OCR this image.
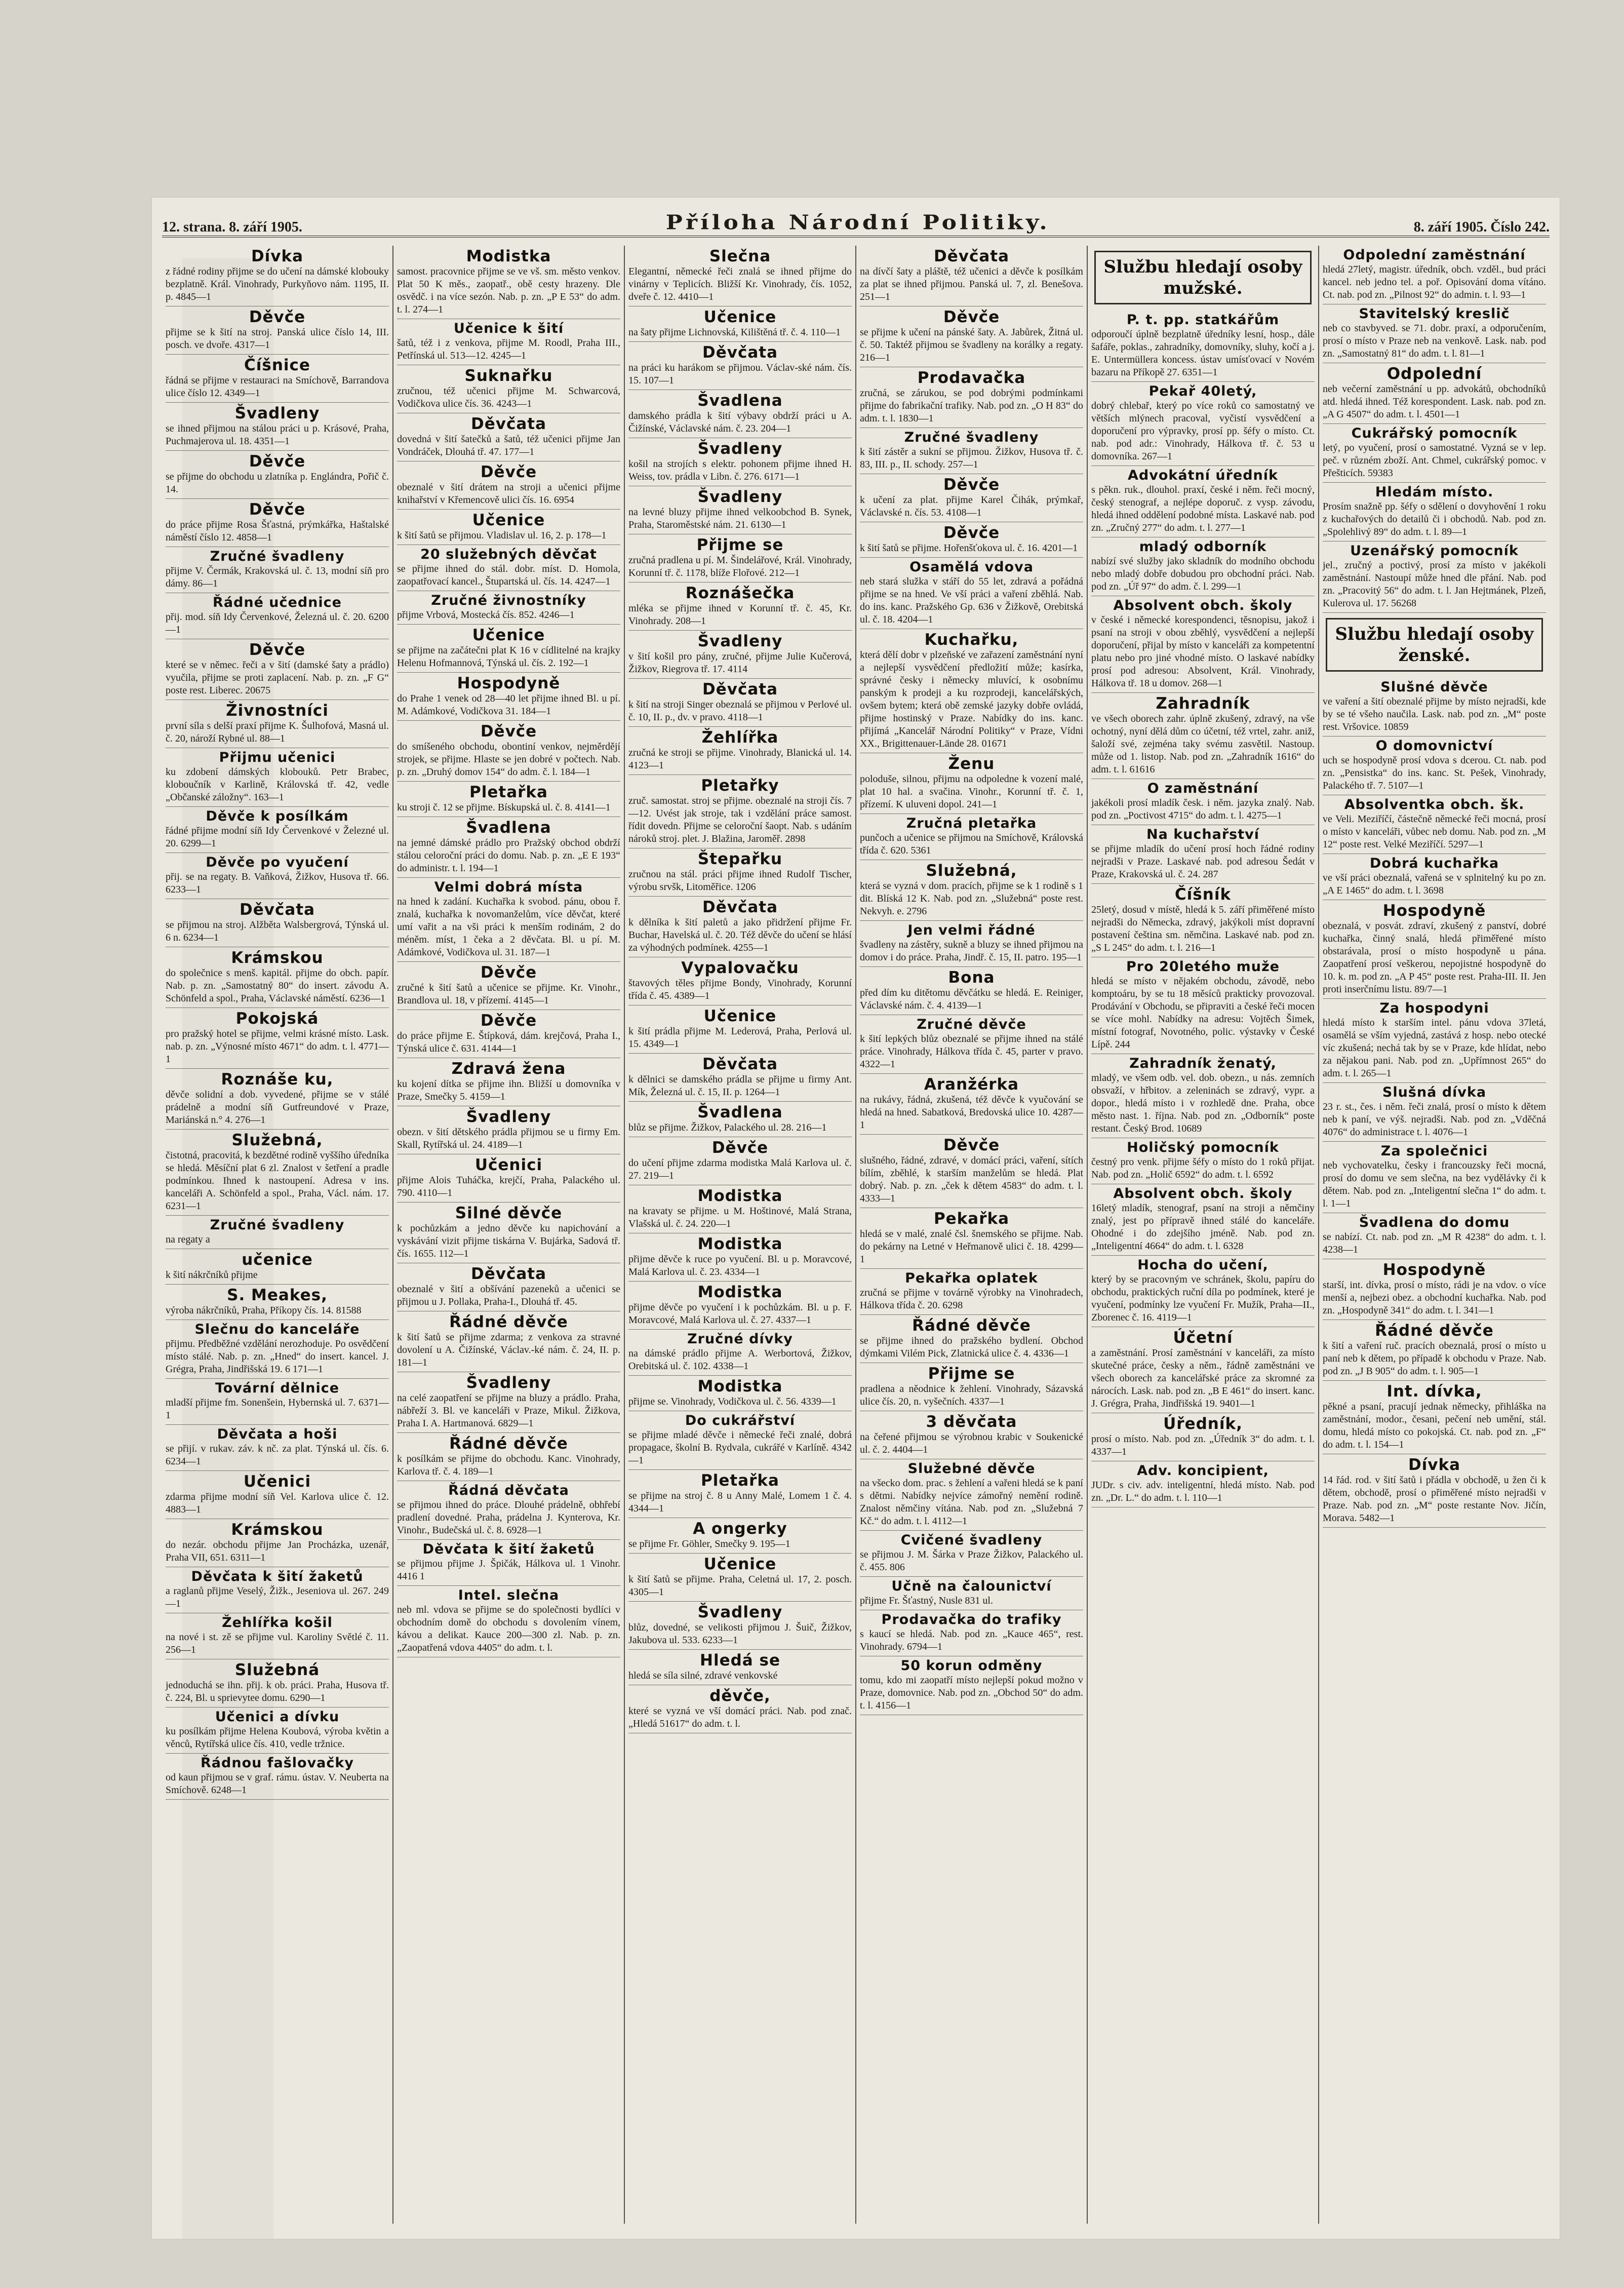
12. strana. 8. září 1905.	Příloha Národní Politiky.	8. září 1905. Číslo 242.
Dívka
z řádné rodiny přijme se do učení na dámské klobouky bezplatně. Král. Vinohrady, Purkyňovo nám. 1195, II. p. 4845—1
Děvče
přijme se k šití na stroj. Panská ulice číslo 14, III. posch. ve dvoře. 4317—1
Číšnice
řádná se přijme v restauraci na Smíchově, Barrandova ulice číslo 12. 4349—1
Švadleny
se ihned přijmou na stálou práci u p. Krásové, Praha, Puchmajerova ul. 18. 4351—1
Děvče
se přijme do obchodu u zlatníka p. Englándra, Pořič č. 14.
Děvče
do práce přijme Rosa Šťastná, prýmkářka, Haštalské náměstí číslo 12. 4858—1
Zručné švadleny
přijme V. Čermák, Krakovská ul. č. 13, modní síň pro dámy. 86—1
Řádné učednice
přij. mod. síň Idy Červenkové, Železná ul. č. 20. 6200—1
Děvče
které se v němec. řeči a v šití (damské šaty a prádlo) vyučila, přijme se proti zaplacení. Nab. p. zn. „F G“ poste rest. Liberec. 20675
Živnostníci
první síla s delší praxí přijme K. Šulhofová, Masná ul. č. 20, nároží Rybné ul. 88—1
Přijmu učenici
ku zdobení dámských klobouků. Petr Brabec, kloboučník v Karlině, Královská tř. 42, vedle „Občanské záložny“. 163—1
Děvče k posílkám
řádné přijme modní síň Idy Červenkové v Železné ul. 20. 6299—1
Děvče po vyučení
přij. se na regaty. B. Vaňková, Žižkov, Husova tř. 66. 6233—1
Děvčata
se přijmou na stroj. Alžběta Walsbergrová, Týnská ul. 6 n. 6234—1
Krámskou
do společnice s menš. kapitál. přijme do obch. papír. Nab. p. zn. „Samostatný 80“ do insert. závodu A. Schönfeld a spol., Praha, Václavské náměstí. 6236—1
Pokojská
pro pražský hotel se přijme, velmi krásné místo. Lask. nab. p. zn. „Výnosné místo 4671“ do adm. t. l. 4771—1
Roznáše ku,
děvče solidní a dob. vyvedené, přijme se v stálé prádelně a modní síň Gutfreundové v Praze, Mariánská n.° 4. 276—1
Služebná,
čistotná, pracovitá, k bezdětné rodině vyššího úředníka se hledá. Měsíční plat 6 zl. Znalost v šetření a pradle podmínkou. Ihned k nastoupení. Adresa v ins. kanceláři A. Schönfeld a spol., Praha, Václ. nám. 17. 6231—1
Zručné švadleny
na regaty a
učenice
k šití nákrčníků přijme
S. Meakes,
výroba nákrčníků, Praha, Příkopy čís. 14. 81588
Slečnu do kanceláře
přijmu. Předběžné vzdělání nerozhoduje. Po osvědčení místo stálé. Nab. p. zn. „Hned“ do insert. kancel. J. Grégra, Praha, Jindřišská 19. 6 171—1
Tovární dělnice
mladší přijme fm. Sonenšein, Hybernská ul. 7. 6371—1
Děvčata a hoši
se přijí. v rukav. záv. k nč. za plat. Týnská ul. čís. 6. 6234—1
Učenici
zdarma přijme modní síň Vel. Karlova ulice č. 12. 4883—1
Krámskou
do nezár. obchodu přijme Jan Procházka, uzenář, Praha VII, 651. 6311—1
Děvčata k šití žaketů
a raglanů přijme Veselý, Žižk., Jeseniova ul. 267. 249—1
Žehlířka košil
na nové i st. zě se přijme vul. Karoliny Světlé č. 11. 256—1
Služebná
jednoduchá se ihn. přij. k ob. práci. Praha, Husova tř. č. 224, Bl. u sprievytee domu. 6290—1
Učenici a dívku
ku posílkám přijme Helena Koubová, výroba květin a věnců, Rytířská ulice čís. 410, vedle tržnice.
Řádnou fašlovačky
od kaun přijmou se v graf. rámu. ústav. V. Neuberta na Smíchově. 6248—1
Modistka
samost. pracovnice přijme se ve vš. sm. město venkov. Plat 50 K měs., zaopatř., obě cesty hrazeny. Dle osvědč. i na více sezón. Nab. p. zn. „P E 53“ do adm. t. l. 274—1
Učenice k šití
šatů, též i z venkova, přijme M. Roodl, Praha III., Petřínská ul. 513—12. 4245—1
Suknařku
zručnou, též učenici přijme M. Schwarcová, Vodičkova ulice čís. 36. 4243—1
Děvčata
dovedná v šití šatečků a šatů, též učenici přijme Jan Vondráček, Dlouhá tř. 47. 177—1
Děvče
obeznalé v šití drátem na stroji a učenici přijme knihařství v Křemencově ulici čís. 16. 6954
Učenice
k šití šatů se přijmou. Vladislav ul. 16, 2. p. 178—1
20 služebných děvčat
se přijme ihned do stál. dobr. míst. D. Homola, zaopatřovací kancel., Štupartská ul. čís. 14. 4247—1
Zručné živnostníky
přijme Vrbová, Mostecká čís. 852. 4246—1
Učenice
se přijme na začátečni plat K 16 v cídlitelné na krajky Helenu Hofmannová, Týnská ul. čís. 2. 192—1
Hospodyně
do Prahe 1 venek od 28—40 let přijme ihned Bl. u pí. M. Adámkové, Vodičkova 31. 184—1
Děvče
do smíšeného obchodu, obontiní venkov, nejměrdějí strojek, se přijme. Hlaste se jen dobré v počtech. Nab. p. zn. „Druhý domov 154“ do adm. č. l. 184—1
Pletařka
ku stroji č. 12 se přijme. Bískupská ul. č. 8. 4141—1
Švadlena
na jemné dámské prádlo pro Pražský obchod obdrží stálou celoroční práci do domu. Nab. p. zn. „E E 193“ do administr. t. l. 194—1
Velmi dobrá místa
na hned k zadání. Kuchařka k svobod. pánu, obou ř. znalá, kuchařka k novomanželům, více děvčat, které umí vařit a na vši práci k menším rodinám, 2 do méněm. míst, 1 čeka a 2 děvčata. Bl. u pí. M. Adámkové, Vodičkova ul. 31. 187—1
Děvče
zručné k šití šatů a učenice se přijme. Kr. Vinohr., Brandlova ul. 18, v přízemí. 4145—1
Děvče
do práce přijme E. Štípková, dám. krejčová, Praha I., Týnská ulice č. 631. 4144—1
Zdravá žena
ku kojení dítka se přijme ihn. Bližší u domovníka v Praze, Smečky 5. 4159—1
Švadleny
obezn. v šití dětského prádla přijmou se u firmy Em. Skall, Rytířská ul. 24. 4189—1
Učenici
přijme Alois Tuháčka, krejčí, Praha, Palackého ul. 790. 4110—1
Silné děvče
k pochůzkám a jedno děvče ku napichování a vyskávání vizit přijme tiskárna V. Bujárka, Sadová tř. čís. 1655. 112—1
Děvčata
obeznalé v šití a obšívání pazeneků a učenici se přijmou u J. Pollaka, Praha-I., Dlouhá tř. 45.
Řádné děvče
k šití šatů se přijme zdarma; z venkova za stravné dovolení u A. Čižínské, Václav.-ké nám. č. 24, II. p. 181—1
Švadleny
na celé zaopatření se přijme na bluzy a prádlo. Praha, nábřeží 3. Bl. ve kanceláři v Praze, Mikul. Žižkova, Praha I. A. Hartmanová. 6829—1
Řádné děvče
k posílkám se přijme do obchodu. Kanc. Vinohrady, Karlova tř. č. 4. 189—1
Řádná děvčata
se přijmou ihned do práce. Dlouhé prádelně, obhřebí pradlení dovedné. Praha, prádelna J. Kynterova, Kr. Vinohr., Budečská ul. č. 8. 6928—1
Děvčata k šití žaketů
se přijmou přijme J. Špičák, Hálkova ul. 1 Vinohr. 4416 1
Intel. slečna
neb ml. vdova se přijme se do společnosti bydlíci v obchodním domě do obchodu s dovolením vínem, kávou a delikat. Kauce 200—300 zl. Nab. p. zn. „Zaopatřená vdova 4405“ do adm. t. l.
Slečna
Elegantní, německé řeči znalá se ihned přijme do vinárny v Teplicích. Bližší Kr. Vinohrady, čís. 1052, dveře č. 12. 4410—1
Učenice
na šaty přijme Lichnovská, Kilištěná tř. č. 4. 110—1
Děvčata
na práci ku harákom se přijmou. Václav-ské nám. čís. 15. 107—1
Švadlena
damského prádla k šití výbavy obdrží práci u A. Čižínské, Václavské nám. č. 23. 204—1
Švadleny
košil na strojích s elektr. pohonem přijme ihned H. Weiss, tov. prádla v Libn. č. 276. 6171—1
Švadleny
na levné bluzy přijme ihned velkoobchod B. Synek, Praha, Staroměstské nám. 21. 6130—1
Přijme se
zručná pradlena u pí. M. Šindelářové, Král. Vinohrady, Korunní tř. č. 1178, blíže Flořové. 212—1
Roznášečka
mléka se přijme ihned v Korunní tř. č. 45, Kr. Vinohrady. 208—1
Švadleny
v šití košil pro pány, zručné, přijme Julie Kučerová, Žižkov, Riegrova tř. 17. 4114
Děvčata
k šití na stroji Singer obeznalá se přijmou v Perlové ul. č. 10, II. p., dv. v pravo. 4118—1
Žehlířka
zručná ke stroji se přijme. Vinohrady, Blanická ul. 14. 4123—1
Pletařky
zruč. samostat. stroj se přijme. obeznalé na stroji čís. 7—12. Uvést jak stroje, tak i vzdělání práce samost. řídit dovedn. Přijme se celoroční šaopt. Nab. s udáním nároků stroj. plet. J. Blažina, Jaroměř. 2898
Štepařku
zručnou na stál. práci přijme ihned Rudolf Tischer, výrobu srvšk, Litoměřice. 1206
Děvčata
k dělníka k šití paletů a jako přidržení přijme Fr. Buchar, Havelská ul. č. 20. Též děvče do učení se hlásí za výhodných podmínek. 4255—1
Vypalovačku
štavových těles přijme Bondy, Vinohrady, Korunní třída č. 45. 4389—1
Učenice
k šití prádla přijme M. Lederová, Praha, Perlová ul. 15. 4349—1
Děvčata
k dělnici se damského prádla se přijme u firmy Ant. Mík, Železná ul. č. 15, II. p. 1264—1
Švadlena
blůz se přijme. Žižkov, Palackého ul. 28. 216—1
Děvče
do učení přijme zdarma modistka Malá Karlova ul. č. 27. 219—1
Modistka
na kravaty se přijme. u M. Hoštinové, Malá Strana, Vlašská ul. č. 24. 220—1
Modistka
přijme děvče k ruce po vyučení. Bl. u p. Moravcové, Malá Karlova ul. č. 23. 4334—1
Modistka
přijme děvče po vyučení i k pochůzkám. Bl. u p. F. Moravcové, Malá Karlova ul. č. 27. 4337—1
Zručné dívky
na dámské prádlo přijme A. Werbortová, Žižkov, Orebitská ul. č. 102. 4338—1
Modistka
přijme se. Vinohrady, Vodičkova ul. č. 56. 4339—1
Do cukrářství
se přijme mladé děvče i německé řeči znalé, dobrá propagace, školní B. Rydvala, cukrářé v Karlíně. 4342—1
Pletařka
se přijme na stroj č. 8 u Anny Malé, Lomem 1 č. 4. 4344—1
A ongerky
se přijme Fr. Göhler, Smečky 9. 195—1
Učenice
k šití šatů se přijme. Praha, Celetná ul. 17, 2. posch. 4305—1
Švadleny
blůz, dovedné, se velikosti přijmou J. Šuič, Žižkov, Jakubova ul. 533. 6233—1
Hledá se
hledá se síla silné, zdravé venkovské
děvče,
které se vyzná ve vší domácí práci. Nab. pod znač. „Hledá 51617“ do adm. t. l.
Děvčata
na dívčí šaty a pláště, též učenici a děvče k posílkám za plat se ihned přijmou. Panská ul. 7, zl. Benešova. 251—1
Děvče
se přijme k učení na pánské šaty. A. Jabůrek, Žitná ul. č. 50. Taktéž přijmou se švadleny na korálky a regaty. 216—1
Prodavačka
zručná, se zárukou, se pod dobrými podmínkami přijme do fabrikační trafiky. Nab. pod zn. „O H 83“ do adm. t. l. 1830—1
Zručné švadleny
k šití zástěr a sukní se přijmou. Žižkov, Husova tř. č. 83, III. p., II. schody. 257—1
Děvče
k učení za plat. přijme Karel Čihák, prýmkař, Václavské n. čís. 53. 4108—1
Děvče
k šití šatů se přijme. Hořenšťokova ul. č. 16. 4201—1
Osamělá vdova
neb stará služka v stáří do 55 let, zdravá a pořádná přijme se na hned. Ve vší práci a vaření zběhlá. Nab. do ins. kanc. Pražského Gp. 636 v Žižkově, Orebitská ul. č. 18. 4204—1
Kuchařku,
která dělí dobr v plzeňské ve zařazení zaměstnání nyní a nejlepší vysvědčení předložití může; kasírka, správné česky i německy mluvící, k osobnímu panským k prodeji a ku rozprodeji, kancelářských, ovšem bytem; která obě zemské jazyky dobře ovládá, přijme hostinský v Praze. Nabídky do ins. kanc. přijímá „Kancelář Národní Politiky“ v Praze, Vídni XX., Brigittenauer-Lände 28. 01671
Ženu
poloduše, silnou, přijmu na odpoledne k vození malé, plat 10 hal. a svačina. Vinohr., Korunní tř. č. 1, přízemí. K uluveni dopol. 241—1
Zručná pletařka
punčoch a učenice se přijmou na Smíchově, Královská třída č. 620. 5361
Služebná,
která se vyzná v dom. pracích, přijme se k 1 rodině s 1 dit. Blíská 12 K. Nab. pod zn. „Služebná“ poste rest. Nekvyh. e. 2796
Jen velmi řádné
švadleny na zástěry, sukně a bluzy se ihned přijmou na domov i do práce. Praha, Jindř. č. 15, II. patro. 195—1
Bona
před dím ku ditětomu děvčátku se hledá. E. Reiniger, Václavské nám. č. 4. 4139—1
Zručné děvče
k šití lepkých blůz obeznalé se přijme ihned na stálé práce. Vinohrady, Hálkova třída č. 45, parter v pravo. 4322—1
Aranžérka
na rukávy, řádná, zkušená, též děvče k vyučování se hledá na hned. Sabatková, Bredovská ulice 10. 4287—1
Děvče
slušného, řádné, zdravé, v domácí práci, vaření, sítích bílím, zběhlé, k starším manželům se hledá. Plat dobrý. Nab. p. zn. „ček k dětem 4583“ do adm. t. l. 4333—1
Pekařka
hledá se v malé, znalé čsl. šnemského se přijme. Nab. do pekárny na Letné v Heřmanově ulici č. 18. 4299—1
Pekařka oplatek
zručná se přijme v továrně výrobky na Vinohradech, Hálkova třída č. 20. 6298
Řádné děvče
se přijme ihned do pražského bydlení. Obchod dýmkami Vilém Pick, Zlatnická ulice č. 4. 4336—1
Přijme se
pradlena a něodnice k žehlení. Vinohrady, Sázavská ulice čís. 20, n. vyšečních. 4337—1
3 děvčata
na čeřené přijmou se výrobnou krabic v Soukenické ul. č. 2. 4404—1
Služebné děvče
na všecko dom. prac. s žehlení a vařeni hledá se k paní s dětmi. Nabídky nejvíce zámořný nemění rodině. Znalost němčiny vítána. Nab. pod zn. „Služebná 7 Kč.“ do adm. t. l. 4112—1
Cvičené švadleny
se přijmou J. M. Šárka v Praze Žižkov, Palackého ul. č. 455. 806
Učně na čalounictví
přijme Fr. Šťastný, Nusle 831 ul.
Prodavačka do trafiky
s kaucí se hledá. Nab. pod zn. „Kauce 465“, rest. Vinohrady. 6794—1
50 korun odměny
tomu, kdo mi zaopatří místo nejlepší pokud možno v Praze, domovnice. Nab. pod zn. „Obchod 50“ do adm. t. l. 4156—1
Službu hledají osoby mužské.
P. t. pp. statkářům
odporoučí úplně bezplatně úředníky lesní, hosp., dále šafáře, poklas., zahradníky, domovníky, sluhy, kočí a j. E. Untermüllera koncess. ústav umísťovací v Novém bazaru na Příkopě 27. 6351—1
Pekař 40letý,
dobrý chlebař, který po více roků co samostatný ve větších mlýnech pracoval, vyčistí vysvědčení a doporučení pro výpravky, prosí pp. šéfy o místo. Ct. nab. pod adr.: Vinohrady, Hálkova tř. č. 53 u domovníka. 267—1
Advokátní úředník
s pěkn. ruk., dlouhol. praxí, české i něm. řeči mocný, český stenograf, a nejlépe doporuč. z vysp. závodu, hledá ihned oddělení podobné místa. Laskavé nab. pod zn. „Zručný 277“ do adm. t. l. 277—1
mladý odborník
nabízí své služby jako skladník do modního obchodu nebo mladý dobře dobudou pro obchodní práci. Nab. pod zn. „Úř 97“ do adm. č. l. 299—1
Absolvent obch. školy
v české i německé korespondenci, těsnopisu, jakož i psaní na stroji v obou zběhlý, vysvědčení a nejlepší doporučení, přijal by místo v kanceláři za kompetentní platu nebo pro jiné vhodné místo. O laskavé nabídky prosí pod adresou: Absolvent, Král. Vinohrady, Hálkova tř. 18 u domov. 268—1
Zahradník
ve všech oborech zahr. úplně zkušený, zdravý, na vše ochotný, nyní dělá dům co účetní, též vrtel, zahr. aniž, šaloží své, zejména taky svému zasvětil. Nastoup. může od 1. listop. Nab. pod zn. „Zahradník 1616“ do adm. t. l. 61616
O zaměstnání
jakékoli prosí mladík česk. i něm. jazyka znalý. Nab. pod zn. „Poctivost 4715“ do adm. t. l. 4275—1
Na kuchařství
se přijme mladík do učení prosí hoch řádné rodiny nejradši v Praze. Laskavé nab. pod adresou Šedát v Praze, Krakovská ul. č. 24. 287
Číšník
25letý, dosud v místě, hledá k 5. září přiměřené místo nejradši do Německa, zdravý, jakýkoli míst dopravní postavení čeština sm. němčina. Laskavé nab. pod zn. „S L 245“ do adm. t. l. 216—1
Pro 20letého muže
hledá se místo v nějakém obchodu, závodě, nebo komptoáru, by se tu 18 měsíců prakticky provozoval. Prodávání v Obchodu, se připraviti a české řeči mocen se více mohl. Nabídky na adresu: Vojtěch Šimek, místní fotograf, Novotného, polic. výstavky v České Lípě. 244
Zahradník ženatý,
mladý, ve všem odb. vel. dob. obezn., u nás. zemních obsvaží, v hřbitov. a zeleninách se zdravý, vypr. a dopor., hledá místo i v rozhledě dne. Praha, obce město nast. 1. října. Nab. pod zn. „Odborník“ poste restant. Český Brod. 10689
Holičský pomocník
čestný pro venk. přijme šéfy o místo do 1 roků přijat. Nab. pod zn. „Holič 6592“ do adm. t. l. 6592
Absolvent obch. školy
16letý mladík, stenograf, psaní na stroji a němčiny znalý, jest po přípravě ihned stálé do kanceláře. Ohodné i do zdejšího jméně. Nab. pod zn. „Inteligentní 4664“ do adm. t. l. 6328
Hocha do učení,
který by se pracovným ve schránek, školu, papíru do obchodu, praktických ruční díla po podmínek, které je vyučení, podmínky lze vyučení Fr. Mužík, Praha—II., Zborenec č. 16. 4119—1
Účetní
a zaměstnání. Prosí zaměstnání v kanceláři, za místo skutečné práce, česky a něm., řádně zaměstnáni ve všech oborech za kancelářské práce za skromné za nárocích. Lask. nab. pod zn. „B E 461“ do insert. kanc. J. Grégra, Praha, Jindřišská 19. 9401—1
Úředník,
prosí o místo. Nab. pod zn. „Úředník 3“ do adm. t. l. 4337—1
Adv. koncipient,
JUDr. s civ. adv. inteligentní, hledá místo. Nab. pod zn. „Dr. L.“ do adm. t. l. 110—1
Odpolední zaměstnání
hledá 27letý, magistr. úředník, obch. vzděl., bud práci kancel. neb jedno tel. a poř. Opisování doma vítáno. Ct. nab. pod zn. „Pilnost 92“ do admin. t. l. 93—1
Stavitelský kreslič
neb co stavbyved. se 71. dobr. praxí, a odporučením, prosí o místo v Praze neb na venkově. Lask. nab. pod zn. „Samostatný 81“ do adm. t. l. 81—1
Odpolední
neb večerní zaměstnání u pp. advokátů, obchodníků atd. hledá ihned. Též korespondent. Lask. nab. pod zn. „A G 4507“ do adm. t. l. 4501—1
Cukrářský pomocník
letý, po vyučení, prosí o samostatné. Vyzná se v lep. peč. v různém zboží. Ant. Chmel, cukrářský pomoc. v Přešticích. 59383
Hledám místo.
Prosím snažně pp. šéfy o sdělení o dovyhovění 1 roku z kuchařových do detailů či i obchodů. Nab. pod zn. „Spolehlivý 89“ do adm. t. l. 89—1
Uzenářský pomocník
jel., zručný a poctivý, prosí za místo v jakékoli zaměstnání. Nastoupí může hned dle přání. Nab. pod zn. „Pracovitý 56“ do adm. t. l. Jan Hejtmánek, Plzeň, Kulerova ul. 17. 56268
Službu hledají osoby ženské.
Slušné děvče
ve vaření a šití obeznalé přijme by místo nejradši, kde by se té všeho naučila. Lask. nab. pod zn. „M“ poste rest. Vršovice. 10859
O domovnictví
uch se hospodyně prosí vdova s dcerou. Ct. nab. pod zn. „Pensistka“ do ins. kanc. St. Pešek, Vinohrady, Palackého tř. 7. 5107—1
Absolventka obch. šk.
ve Veli. Meziříčí, částečně německé řeči mocná, prosí o místo v kanceláři, vůbec neb domu. Nab. pod zn. „M 12“ poste rest. Velké Meziříčí. 5297—1
Dobrá kuchařka
ve vší práci obeznalá, vařená se v splnitelný ku po zn. „A E 1465“ do adm. t. l. 3698
Hospodyně
obeznalá, v posvát. zdraví, zkušený z panství, dobré kuchařka, činný snalá, hledá přiměřené místo obstarávala, prosí o místo hospodyně u pána. Zaopatření prosí veškerou, nepojistné hospodyně do 10. k. m. pod zn. „A P 45“ poste rest. Praha-III. II. Jen proti inserčnímu listu. 89/7—1
Za hospodyni
hledá místo k starším intel. pánu vdova 37letá, osamělá se vším vyjedná, zastává z hosp. nebo otecké víc zkušená; nechá tak by se v Praze, kde hlídat, nebo za nějakou pani. Nab. pod zn. „Upřímnost 265“ do adm. t. l. 265—1
Slušná dívka
23 r. st., čes. i něm. řeči znalá, prosí o místo k dětem neb k paní, ve výš. nejradši. Nab. pod zn. „Vděčná 4076“ do administrace t. l. 4076—1
Za společnici
neb vychovatelku, česky i francouzsky řeči mocná, prosí do domu ve sem slečna, na bez vydělávky či k dětem. Nab. pod zn. „Inteligentní slečna 1“ do adm. t. l. 1—1
Švadlena do domu
se nabízí. Ct. nab. pod zn. „M R 4238“ do adm. t. l. 4238—1
Hospodyně
starší, int. dívka, prosí o místo, rádi je na vdov. o více menší a, nejbezi obez. a obchodní kuchařka. Nab. pod zn. „Hospodyně 341“ do adm. t. l. 341—1
Řádné děvče
k šití a vaření ruč. pracích obeznalá, prosí o místo u paní neb k dětem, po případě k obchodu v Praze. Nab. pod zn. „J B 905“ do adm. t. l. 905—1
Int. dívka,
pěkné a psaní, pracují jednak německy, přihláška na zaměstnání, modor., česani, pečení neb umění, stál. domu, hledá místo co pokojská. Ct. nab. pod zn. „F“ do adm. t. l. 154—1
Dívka
14 řád. rod. v šití šatů i přádla v obchodě, u žen či k dětem, obchodě, prosí o přiměřené místo nejradši v Praze. Nab. pod zn. „M“ poste restante Nov. Jičín, Morava. 5482—1
